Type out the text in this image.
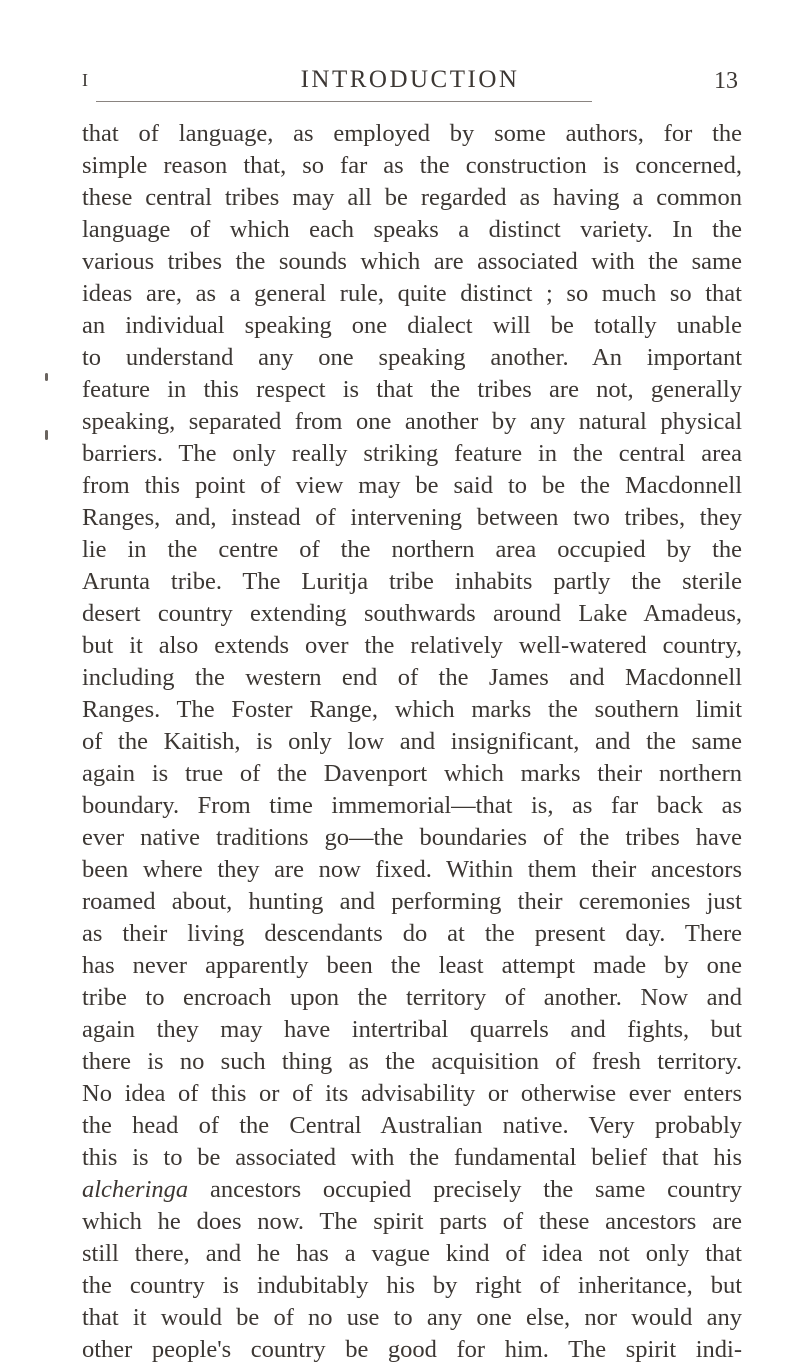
I	INTRODUCTION	13
that of language, as employed by some authors, for the
simple reason that, so far as the construction is concerned,
these central tribes may all be regarded as having a common
language of which each speaks a distinct variety. In the
various tribes the sounds which are associated with the same
ideas are, as a general rule, quite distinct ; so much so that
an individual speaking one dialect will be totally unable
to understand any one speaking another. An important
feature in this respect is that the tribes are not, generally
speaking, separated from one another by any natural physical
barriers. The only really striking feature in the central area
from this point of view may be said to be the Macdonnell
Ranges, and, instead of intervening between two tribes, they
lie in the centre of the northern area occupied by the
Arunta tribe. The Luritja tribe inhabits partly the sterile
desert country extending southwards around Lake Amadeus,
but it also extends over the relatively well-watered country,
including the western end of the James and Macdonnell
Ranges. The Foster Range, which marks the southern limit
of the Kaitish, is only low and insignificant, and the same
again is true of the Davenport which marks their northern
boundary. From time immemorial—that is, as far back as
ever native traditions go—the boundaries of the tribes have
been where they are now fixed. Within them their ancestors
roamed about, hunting and performing their ceremonies just
as their living descendants do at the present day. There
has never apparently been the least attempt made by one
tribe to encroach upon the territory of another. Now and
again they may have intertribal quarrels and fights, but
there is no such thing as the acquisition of fresh territory.
No idea of this or of its advisability or otherwise ever enters
the head of the Central Australian native. Very probably
this is to be associated with the fundamental belief that his
alcheringa ancestors occupied precisely the same country
which he does now. The spirit parts of these ancestors are
still there, and he has a vague kind of idea not only that
the country is indubitably his by right of inheritance, but
that it would be of no use to any one else, nor would any
other people's country be good for him. The spirit indi-
